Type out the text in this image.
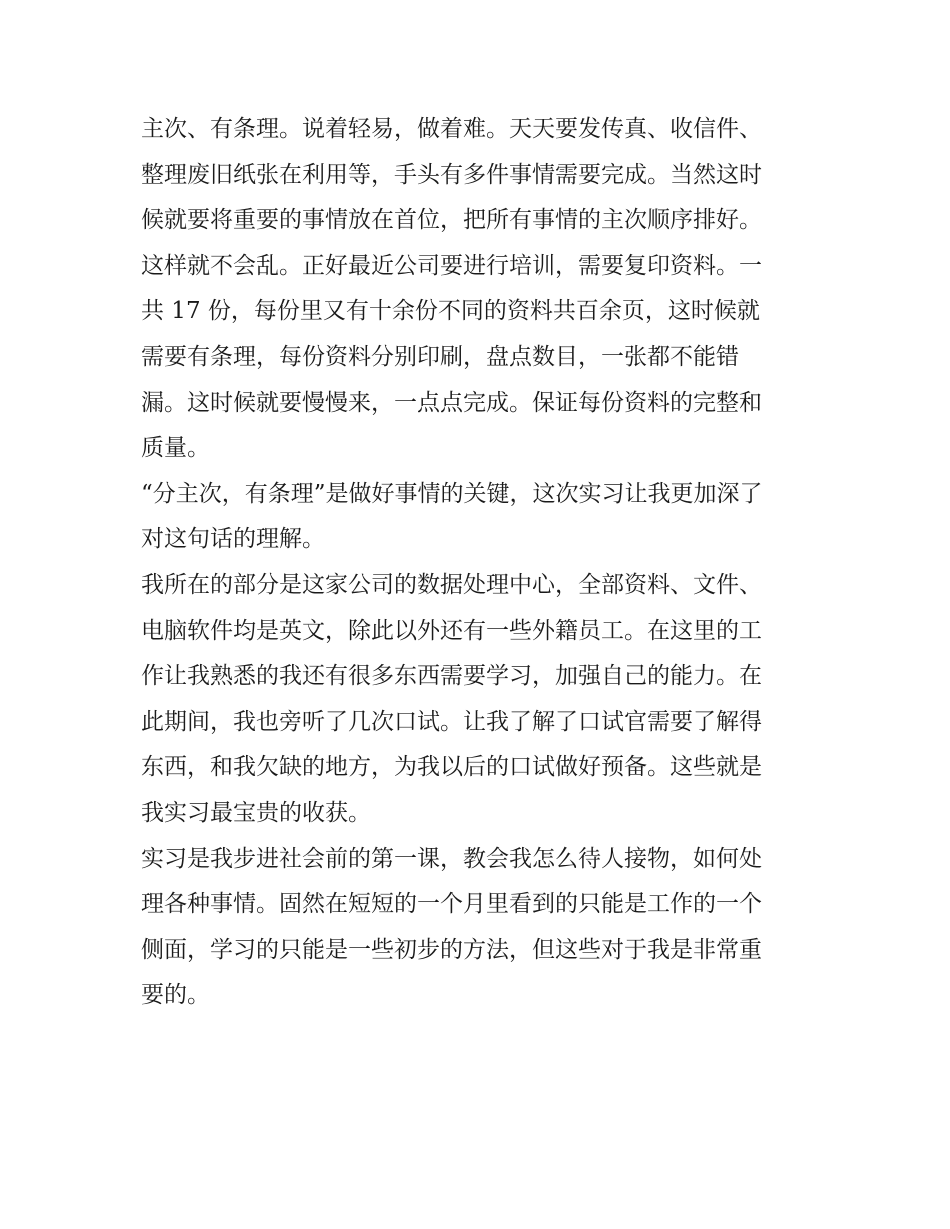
主次、有条理。说着轻易，做着难。天天要发传真、收信件、
整理废旧纸张在利用等，手头有多件事情需要完成。当然这时
候就要将重要的事情放在首位，把所有事情的主次顺序排好。
这样就不会乱。正好最近公司要进行培训，需要复印资料。一
共 17 份，每份里又有十余份不同的资料共百余页，这时候就
需要有条理，每份资料分别印刷，盘点数目，一张都不能错
漏。这时候就要慢慢来，一点点完成。保证每份资料的完整和
质量。
“分主次，有条理”是做好事情的关键，这次实习让我更加深了
对这句话的理解。
我所在的部分是这家公司的数据处理中心，全部资料、文件、
电脑软件均是英文，除此以外还有一些外籍员工。在这里的工
作让我熟悉的我还有很多东西需要学习，加强自己的能力。在
此期间，我也旁听了几次口试。让我了解了口试官需要了解得
东西，和我欠缺的地方，为我以后的口试做好预备。这些就是
我实习最宝贵的收获。
实习是我步进社会前的第一课，教会我怎么待人接物，如何处
理各种事情。固然在短短的一个月里看到的只能是工作的一个
侧面，学习的只能是一些初步的方法，但这些对于我是非常重
要的。
